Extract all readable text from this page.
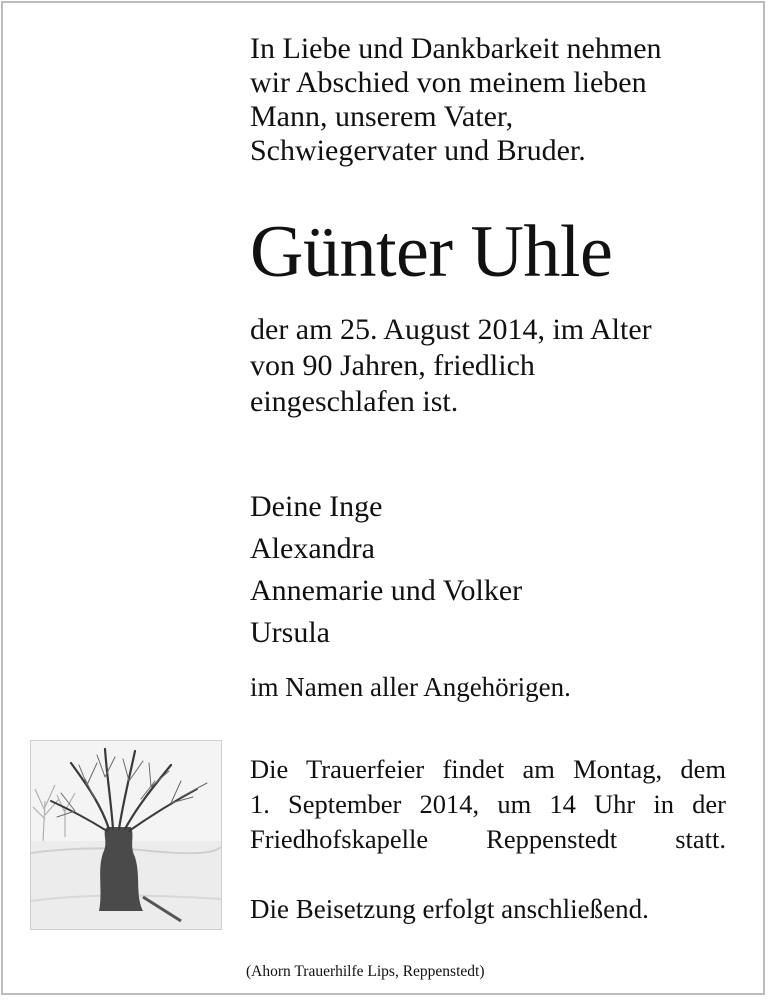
In Liebe und Dankbarkeit nehmen
wir Abschied von meinem lieben
Mann, unserem Vater,
Schwiegervater und Bruder.
Günter Uhle
der am 25. August 2014, im Alter
von 90 Jahren, friedlich
eingeschlafen ist.
Deine Inge
Alexandra
Annemarie und Volker
Ursula
im Namen aller Angehörigen.
Die Trauerfeier findet am Montag, dem
1. September 2014, um 14 Uhr in der
Friedhofskapelle Reppenstedt statt.
Die Beisetzung erfolgt anschließend.
(Ahorn Trauerhilfe Lips, Reppenstedt)
